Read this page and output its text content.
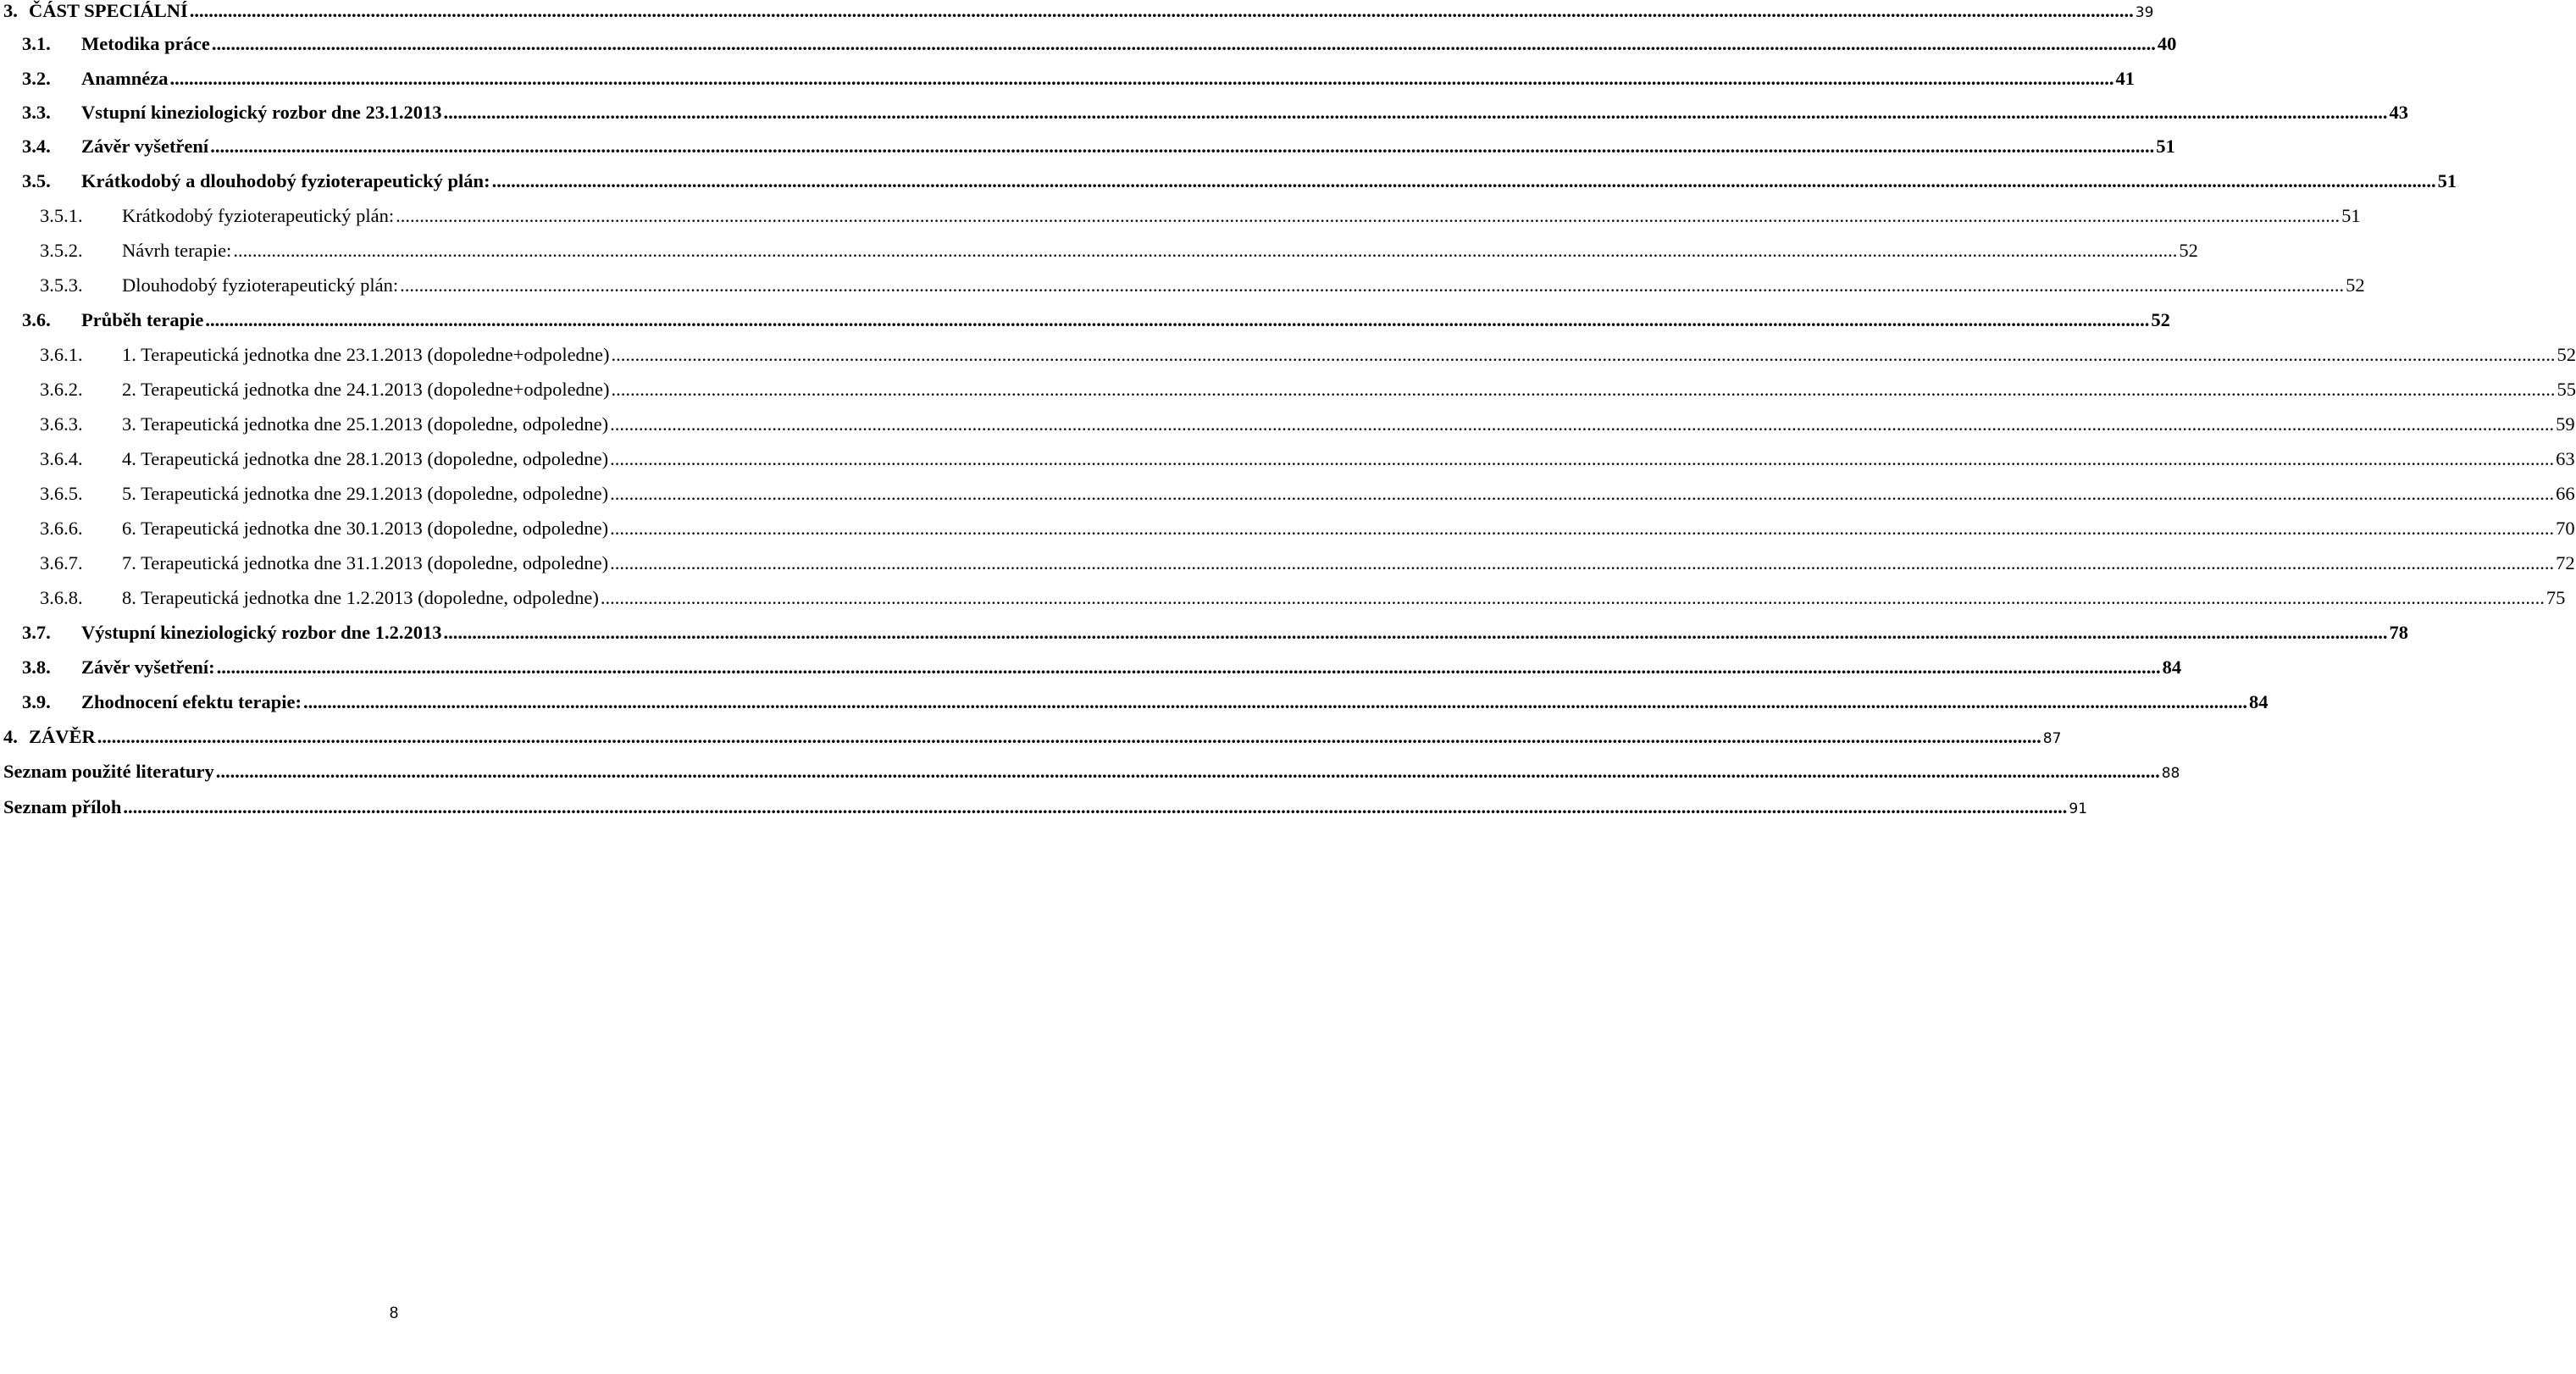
3. ČÁST SPECIÁLNÍ .....	39
3.1.	Metodika práce .....	40
3.2.	Anamnéza .....	41
3.3.	Vstupní kineziologický rozbor dne 23.1.2013 .....	43
3.4.	Závěr vyšetření .....	51
3.5.	Krátkodobý a dlouhodobý fyzioterapeutický plán: .....	51
3.5.1.	Krátkodobý fyzioterapeutický plán: .....	51
3.5.2.	Návrh terapie: .....	52
3.5.3.	Dlouhodobý fyzioterapeutický plán: .....	52
3.6.	Průběh terapie .....	52
3.6.1.	1. Terapeutická jednotka dne 23.1.2013 (dopoledne+odpoledne) .....	52
3.6.2.	2. Terapeutická jednotka dne 24.1.2013 (dopoledne+odpoledne) .....	55
3.6.3.	3. Terapeutická jednotka dne 25.1.2013 (dopoledne, odpoledne) .....	59
3.6.4.	4. Terapeutická jednotka dne 28.1.2013 (dopoledne, odpoledne) .....	63
3.6.5.	5. Terapeutická jednotka dne 29.1.2013 (dopoledne, odpoledne) .....	66
3.6.6.	6. Terapeutická jednotka dne 30.1.2013 (dopoledne, odpoledne) .....	70
3.6.7.	7. Terapeutická jednotka dne 31.1.2013 (dopoledne, odpoledne) .....	72
3.6.8.	8. Terapeutická jednotka dne 1.2.2013 (dopoledne, odpoledne) .....	75
3.7.	Výstupní kineziologický rozbor dne 1.2.2013 .....	78
3.8.	Závěr vyšetření: .....	84
3.9.	Zhodnocení efektu terapie: .....	84
4. ZÁVĚR .....	87
Seznam použité literatury .....	88
Seznam příloh .....	91
8
